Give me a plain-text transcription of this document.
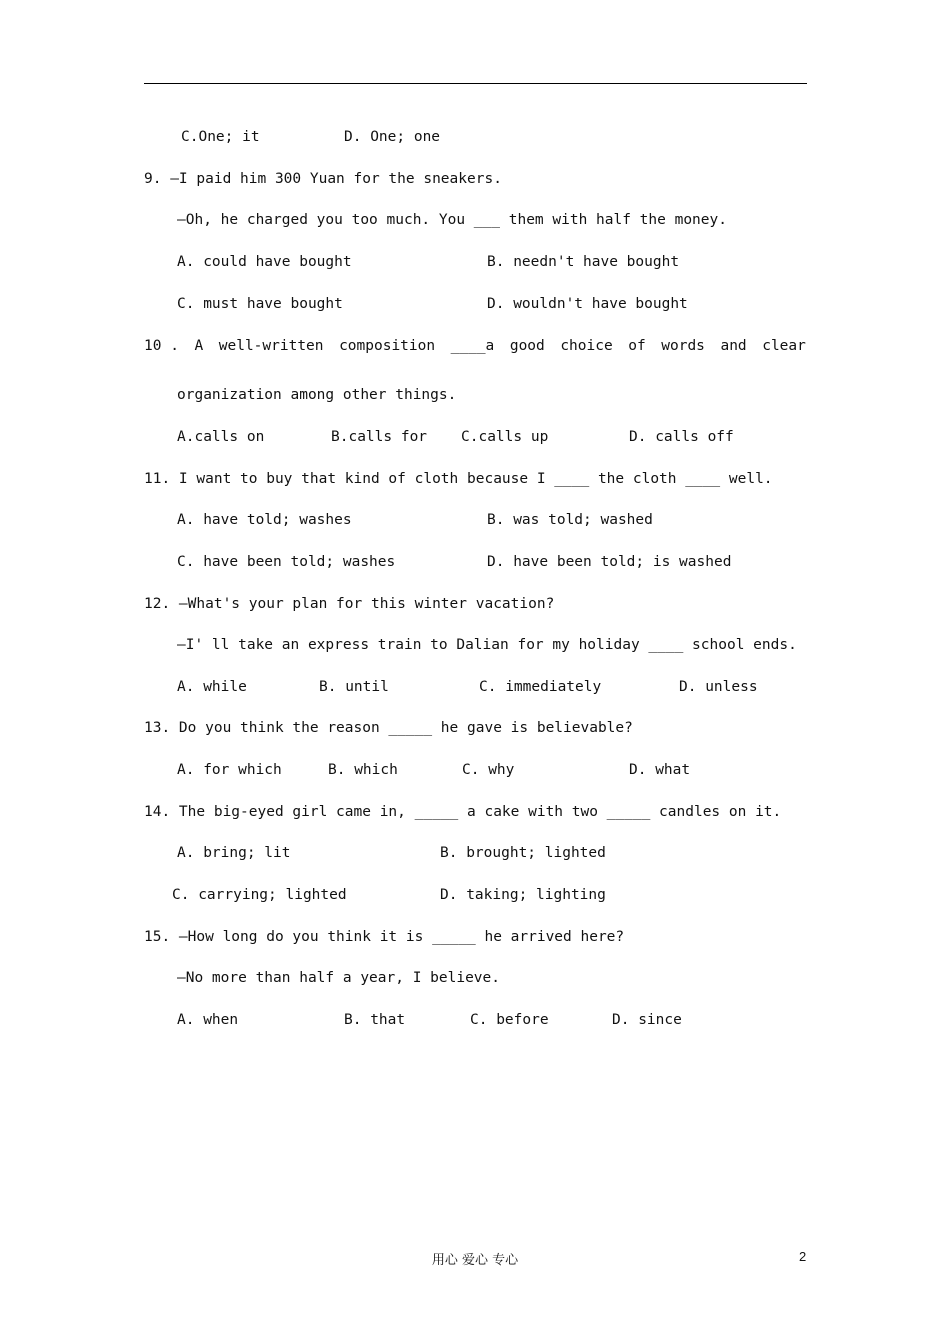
C.One; it	D. One; one
9. —I paid him 300 Yuan for the sneakers.
—Oh, he charged you too much. You ___ them with half the money.
A. could have bought	B. needn't have bought
C. must have bought	D. wouldn't have bought
10 . A well-written composition ____a good choice of words and clear
organization among other things.
A.calls on	B.calls for C.calls up	D. calls off
11. I want to buy that kind of cloth because I ____ the cloth ____ well.
A. have told; washes	B. was told; washed
C. have been told; washes	D. have been told; is washed
12. —What's your plan for this winter vacation?
—I' ll take an express train to Dalian for my holiday ____ school ends.
A. while	B. until	C. immediately	D. unless
13. Do you think the reason _____ he gave is believable?
A. for which	B. which	C. why	D. what
14. The big-eyed girl came in, _____ a cake with two _____ candles on it.
A. bring; lit	B. brought; lighted
C. carrying; lighted	D. taking; lighting
15. —How long do you think it is _____ he arrived here?
—No more than half a year, I believe.
A. when	B. that	C. before	D. since
用心 爱心 专心	2
